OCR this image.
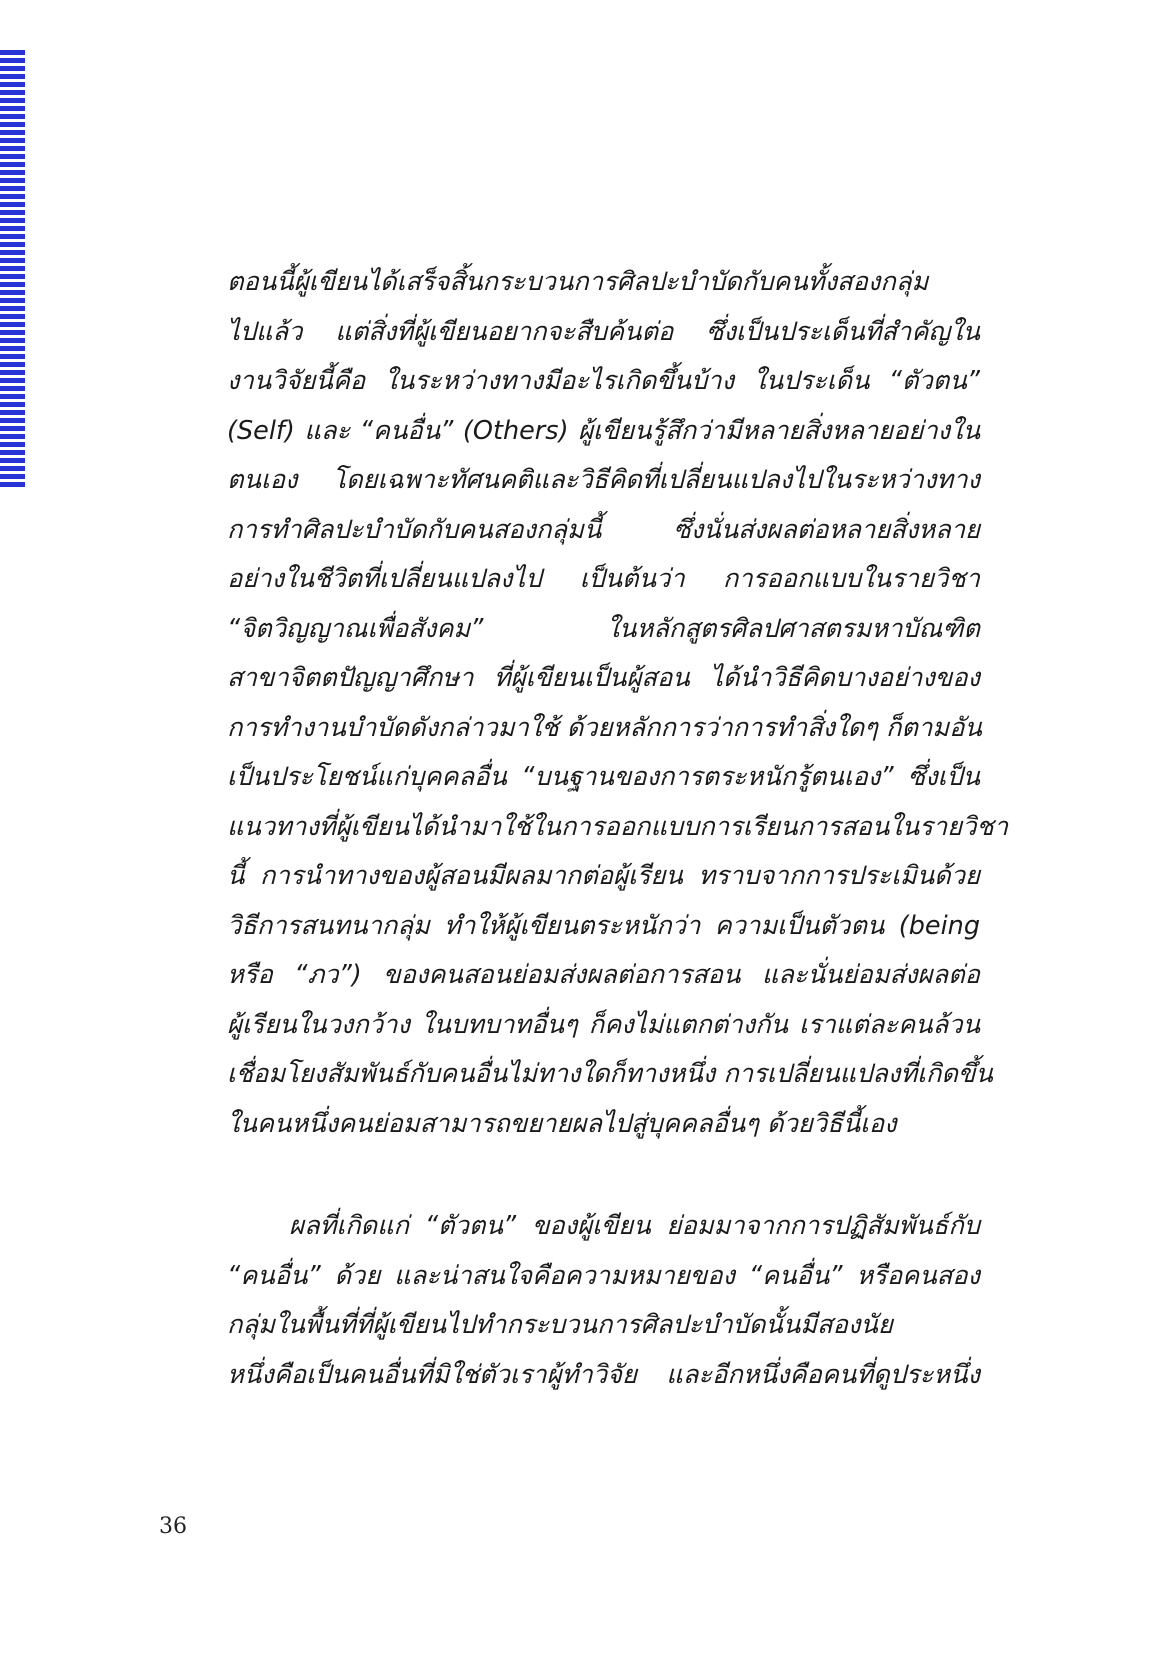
ตอนนี้ผู้เขียนได้เสร็จสิ้นกระบวนการศิลปะบำบัดกับคนทั้งสองกลุ่ม
ไปแล้ว แต่สิ่งที่ผู้เขียนอยากจะสืบค้นต่อ ซึ่งเป็นประเด็นที่สำคัญใน
งานวิจัยนี้คือ ในระหว่างทางมีอะไรเกิดขึ้นบ้าง ในประเด็น “ตัวตน”
(Self) และ “คนอื่น” (Others) ผู้เขียนรู้สึกว่ามีหลายสิ่งหลายอย่างใน
ตนเอง โดยเฉพาะทัศนคติและวิธีคิดที่เปลี่ยนแปลงไปในระหว่างทาง
การทำศิลปะบำบัดกับคนสองกลุ่มนี้ ซึ่งนั่นส่งผลต่อหลายสิ่งหลาย
อย่างในชีวิตที่เปลี่ยนแปลงไป เป็นต้นว่า การออกแบบในรายวิชา
“จิตวิญญาณเพื่อสังคม” ในหลักสูตรศิลปศาสตรมหาบัณฑิต
สาขาจิตตปัญญาศึกษา ที่ผู้เขียนเป็นผู้สอน ได้นำวิธีคิดบางอย่างของ
การทำงานบำบัดดังกล่าวมาใช้ ด้วยหลักการว่าการทำสิ่งใดๆ ก็ตามอัน
เป็นประโยชน์แก่บุคคลอื่น “บนฐานของการตระหนักรู้ตนเอง” ซึ่งเป็น
แนวทางที่ผู้เขียนได้นำมาใช้ในการออกแบบการเรียนการสอนในรายวิชา
นี้ การนำทางของผู้สอนมีผลมากต่อผู้เรียน ทราบจากการประเมินด้วย
วิธีการสนทนากลุ่ม ทำให้ผู้เขียนตระหนักว่า ความเป็นตัวตน (being
หรือ “ภว”) ของคนสอนย่อมส่งผลต่อการสอน และนั่นย่อมส่งผลต่อ
ผู้เรียนในวงกว้าง ในบทบาทอื่นๆ ก็คงไม่แตกต่างกัน เราแต่ละคนล้วน
เชื่อมโยงสัมพันธ์กับคนอื่นไม่ทางใดก็ทางหนึ่ง การเปลี่ยนแปลงที่เกิดขึ้น
ในคนหนึ่งคนย่อมสามารถขยายผลไปสู่บุคคลอื่นๆ ด้วยวิธีนี้เอง
ผลที่เกิดแก่ “ตัวตน” ของผู้เขียน ย่อมมาจากการปฏิสัมพันธ์กับ
“คนอื่น” ด้วย และน่าสนใจคือความหมายของ “คนอื่น” หรือคนสอง
กลุ่มในพื้นที่ที่ผู้เขียนไปทำกระบวนการศิลปะบำบัดนั้นมีสองนัย
หนึ่งคือเป็นคนอื่นที่มิใช่ตัวเราผู้ทำวิจัย และอีกหนึ่งคือคนที่ดูประหนึ่ง
36
